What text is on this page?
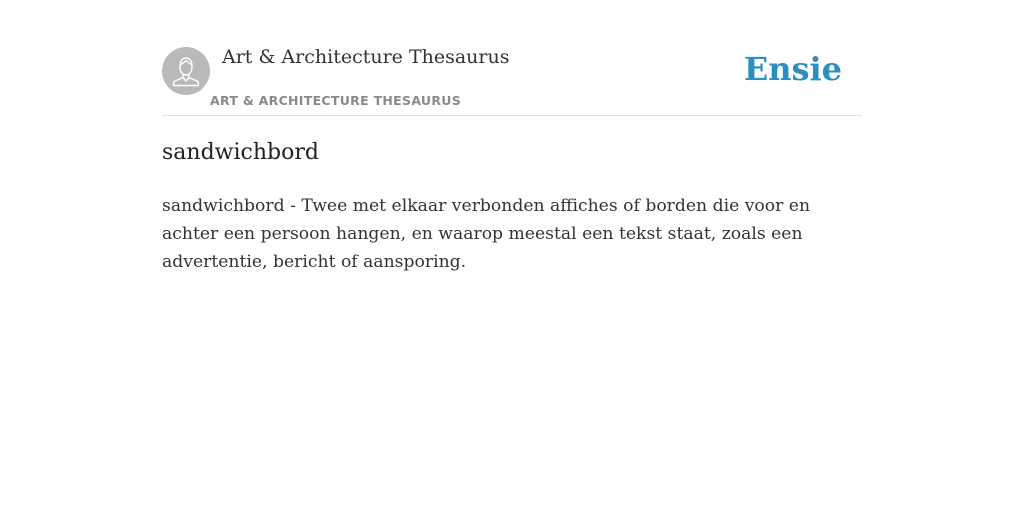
Art & Architecture Thesaurus
ART & ARCHITECTURE THESAURUS
Ensie
sandwichbord

sandwichbord - Twee met elkaar verbonden affiches of borden die voor en achter een persoon hangen, en waarop meestal een tekst staat, zoals een advertentie, bericht of aansporing.
